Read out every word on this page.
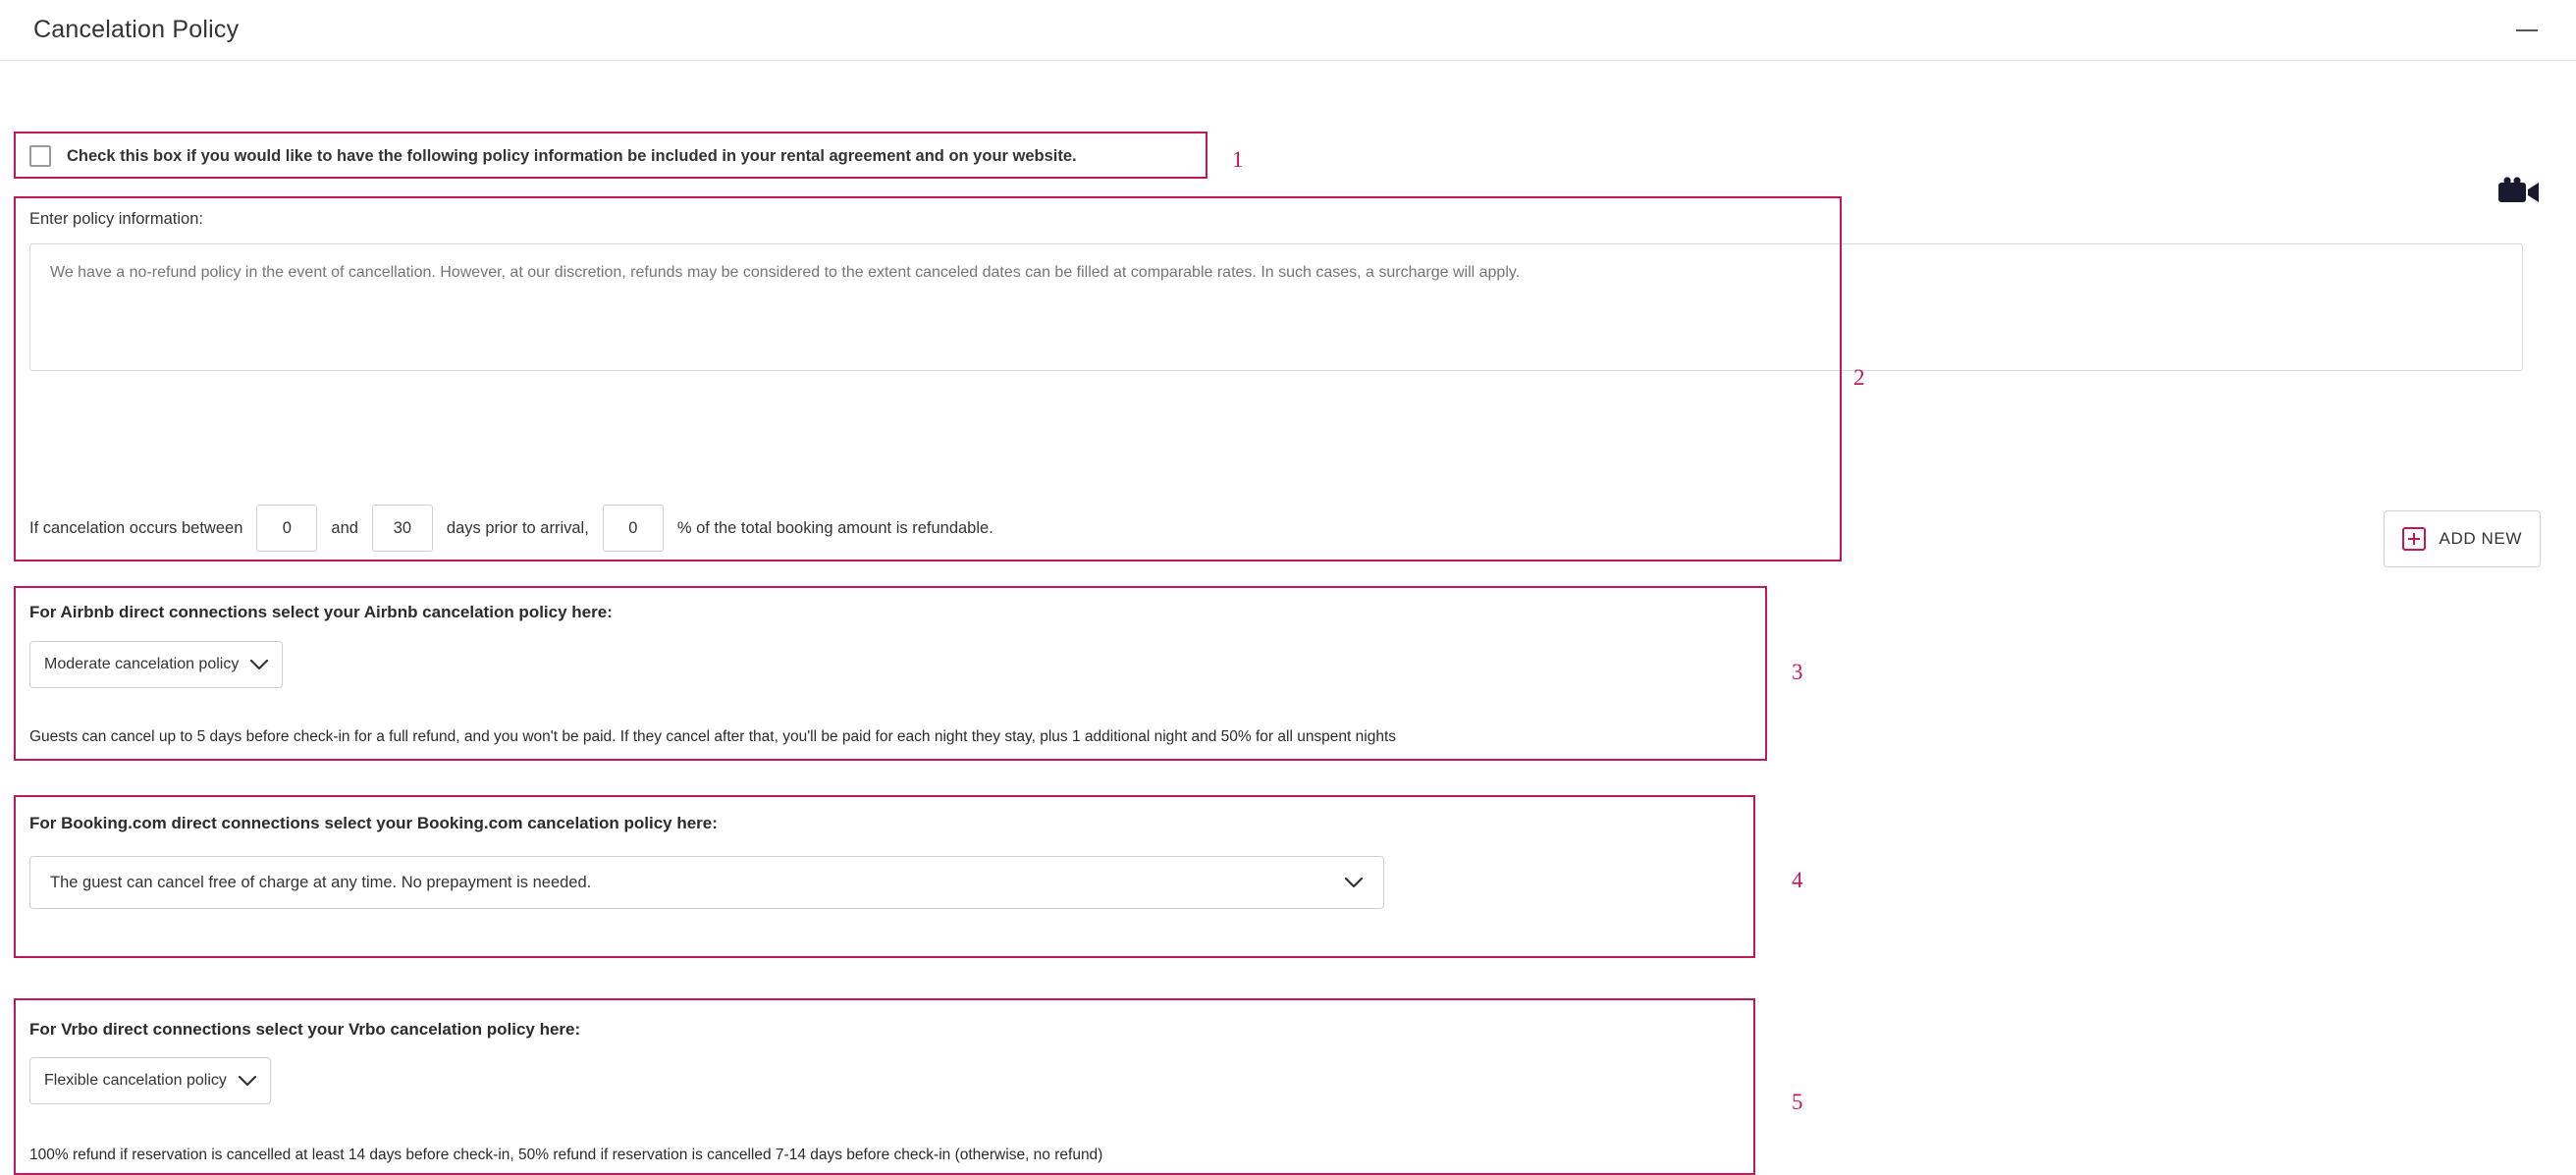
Cancelation Policy
Check this box if you would like to have the following policy information be included in your rental agreement and on your website.
Enter policy information:
We have a no-refund policy in the event of cancellation. However, at our discretion, refunds may be considered to the extent canceled dates can be filled at comparable rates. In such cases, a surcharge will apply.
If cancelation occurs between
0	and
30	days prior to arrival,
0	% of the total booking amount is refundable.
For Airbnb direct connections select your Airbnb cancelation policy here:
Moderate cancelation policy
Guests can cancel up to 5 days before check-in for a full refund, and you won't be paid. If they cancel after that, you'll be paid for each night they stay, plus 1 additional night and 50% for all unspent nights
For Booking.com direct connections select your Booking.com cancelation policy here:
The guest can cancel free of charge at any time. No prepayment is needed.
For Vrbo direct connections select your Vrbo cancelation policy here:
Flexible cancelation policy
100% refund if reservation is cancelled at least 14 days before check-in, 50% refund if reservation is cancelled 7-14 days before check-in (otherwise, no refund)
ADD NEW
1
2
3
4
5
